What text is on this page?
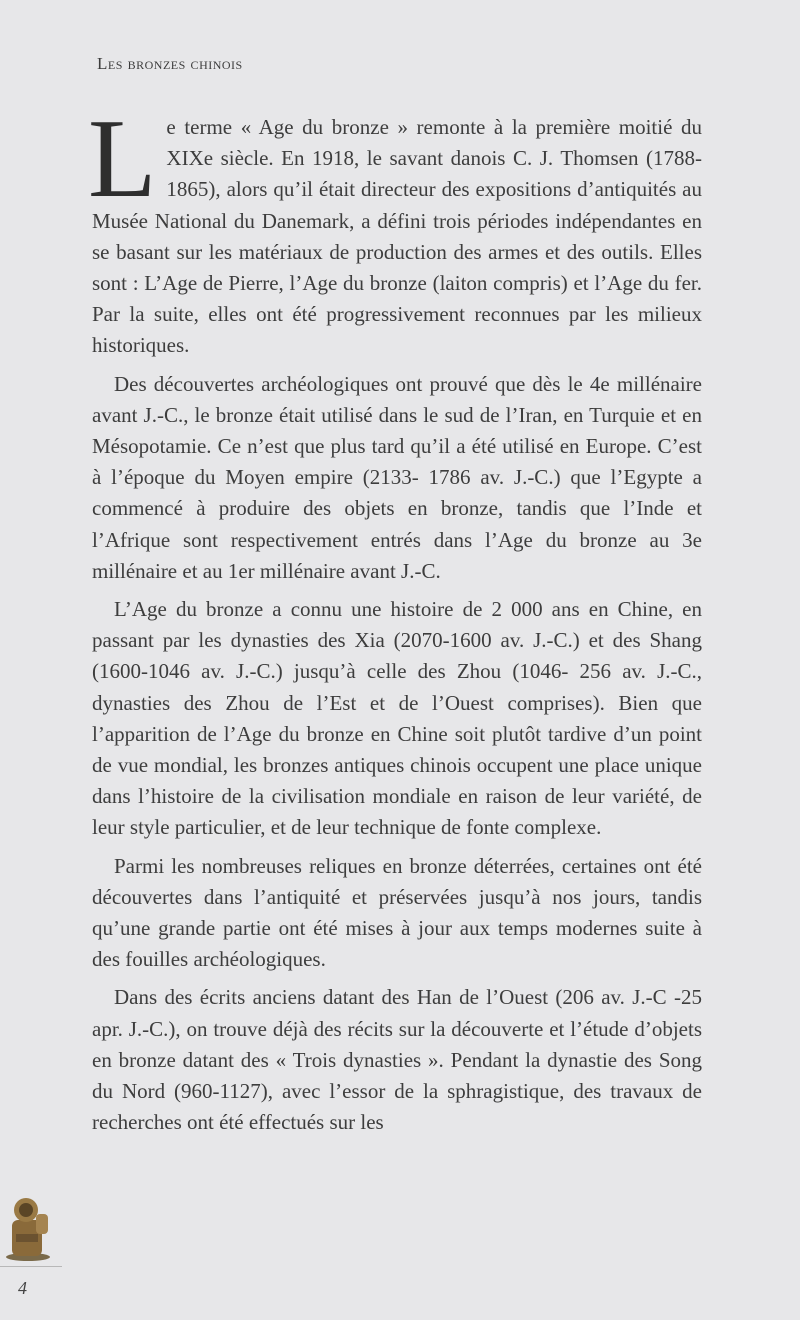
Les bronzes chinois

Le terme « Age du bronze » remonte à la première moitié du XIXe siècle. En 1918, le savant danois C. J. Thomsen (1788-1865), alors qu’il était directeur des expositions d’antiquités au Musée National du Danemark, a défini trois périodes indépendantes en se basant sur les matériaux de production des armes et des outils. Elles sont : L’Age de Pierre, l’Age du bronze (laiton compris) et l’Age du fer. Par la suite, elles ont été progressivement reconnues par les milieux historiques.

Des découvertes archéologiques ont prouvé que dès le 4e millénaire avant J.-C., le bronze était utilisé dans le sud de l’Iran, en Turquie et en Mésopotamie. Ce n’est que plus tard qu’il a été utilisé en Europe. C’est à l’époque du Moyen empire (2133- 1786 av. J.-C.) que l’Egypte a commencé à produire des objets en bronze, tandis que l’Inde et l’Afrique sont respectivement entrés dans l’Age du bronze au 3e millénaire et au 1er millénaire avant J.-C.

L’Age du bronze a connu une histoire de 2 000 ans en Chine, en passant par les dynasties des Xia (2070-1600 av. J.-C.) et des Shang (1600-1046 av. J.-C.) jusqu’à celle des Zhou (1046- 256 av. J.-C., dynasties des Zhou de l’Est et de l’Ouest comprises). Bien que l’apparition de l’Age du bronze en Chine soit plutôt tardive d’un point de vue mondial, les bronzes antiques chinois occupent une place unique dans l’histoire de la civilisation mondiale en raison de leur variété, de leur style particulier, et de leur technique de fonte complexe.

Parmi les nombreuses reliques en bronze déterrées, certaines ont été découvertes dans l’antiquité et préservées jusqu’à nos jours, tandis qu’une grande partie ont été mises à jour aux temps modernes suite à des fouilles archéologiques.

Dans des écrits anciens datant des Han de l’Ouest (206 av. J.-C -25 apr. J.-C.), on trouve déjà des récits sur la découverte et l’étude d’objets en bronze datant des « Trois dynasties ». Pendant la dynastie des Song du Nord (960-1127), avec l’essor de la sphragistique, des travaux de recherches ont été effectués sur les

4
